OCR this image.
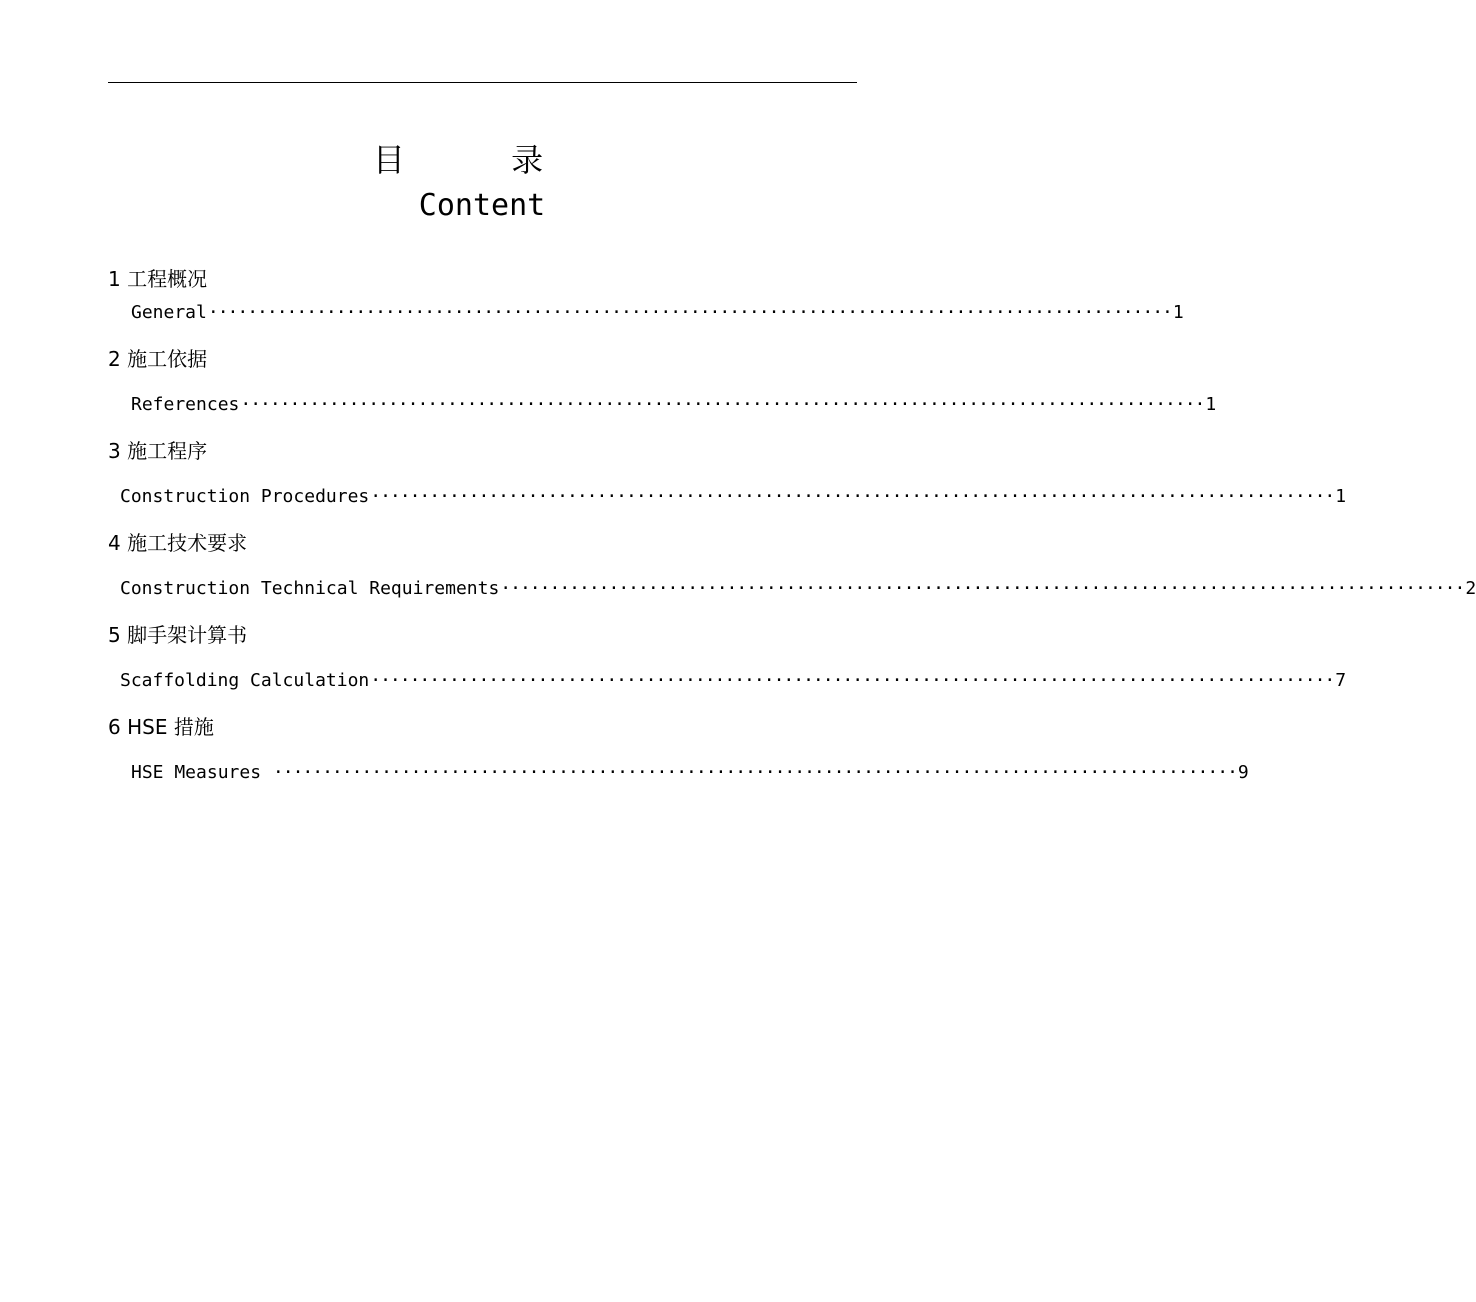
目 录
Content
1 工程概况
General ·································································································· 1
2 施工依据
References ·································································································· 1
3 施工程序
Construction Procedures ·································································································· 1
4 施工技术要求
Construction Technical Requirements ·································································································· 2
5 脚手架计算书
Scaffolding Calculation ·································································································· 7
6 HSE 措施
HSE Measures ·································································································· 9
